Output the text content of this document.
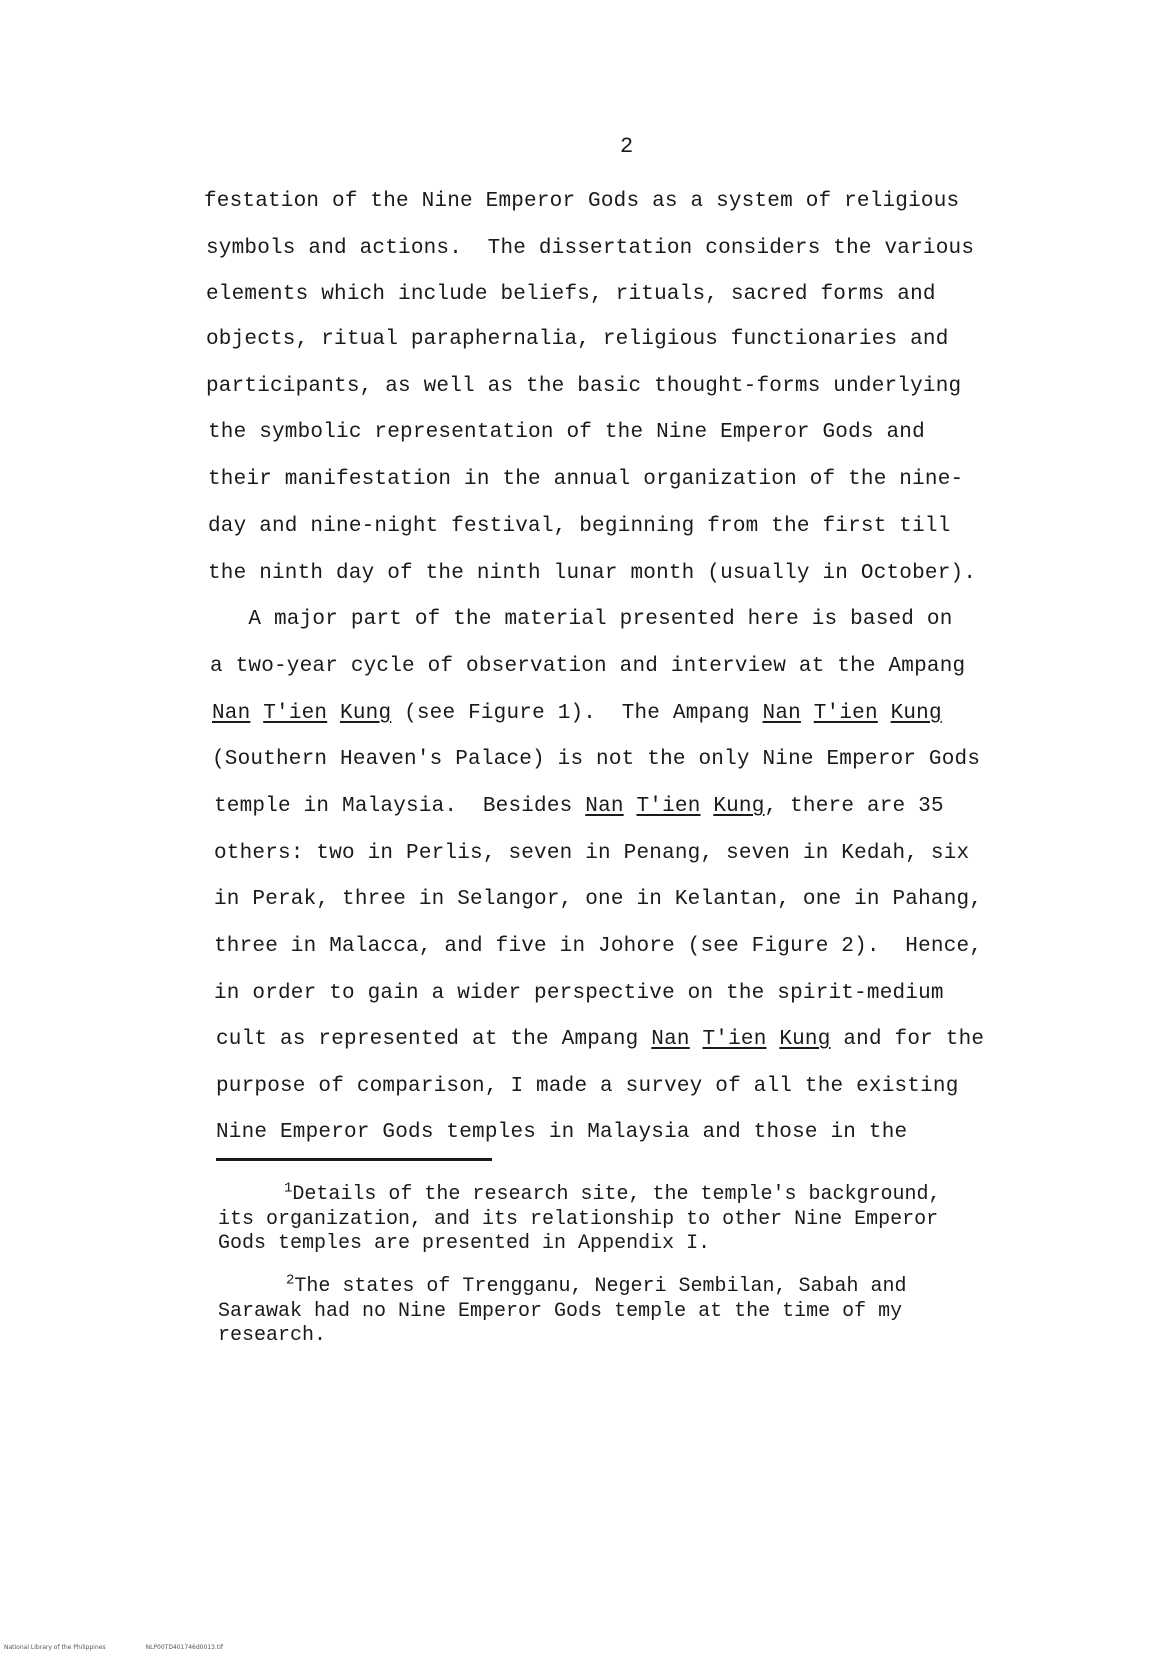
2
festation of the Nine Emperor Gods as a system of religious
symbols and actions.  The dissertation considers the various
elements which include beliefs, rituals, sacred forms and
objects, ritual paraphernalia, religious functionaries and
participants, as well as the basic thought-forms underlying
the symbolic representation of the Nine Emperor Gods and
their manifestation in the annual organization of the nine-
day and nine-night festival, beginning from the first till
the ninth day of the ninth lunar month (usually in October).
A major part of the material presented here is based on
a two-year cycle of observation and interview at the Ampang
Nan T'ien Kung (see Figure 1).  The Ampang Nan T'ien Kung
(Southern Heaven's Palace) is not the only Nine Emperor Gods
temple in Malaysia.  Besides Nan T'ien Kung, there are 35
others: two in Perlis, seven in Penang, seven in Kedah, six
in Perak, three in Selangor, one in Kelantan, one in Pahang,
three in Malacca, and five in Johore (see Figure 2).  Hence,
in order to gain a wider perspective on the spirit-medium
cult as represented at the Ampang Nan T'ien Kung and for the
purpose of comparison, I made a survey of all the existing
Nine Emperor Gods temples in Malaysia and those in the
$^1$Details of the research site, the temple's background,
its organization, and its relationship to other Nine Emperor
Gods temples are presented in Appendix I.
$^2$The states of Trengganu, Negeri Sembilan, Sabah and
Sarawak had no Nine Emperor Gods temple at the time of my
research.
National Library of the Philippines	NLP00TD401746d0013.tif
